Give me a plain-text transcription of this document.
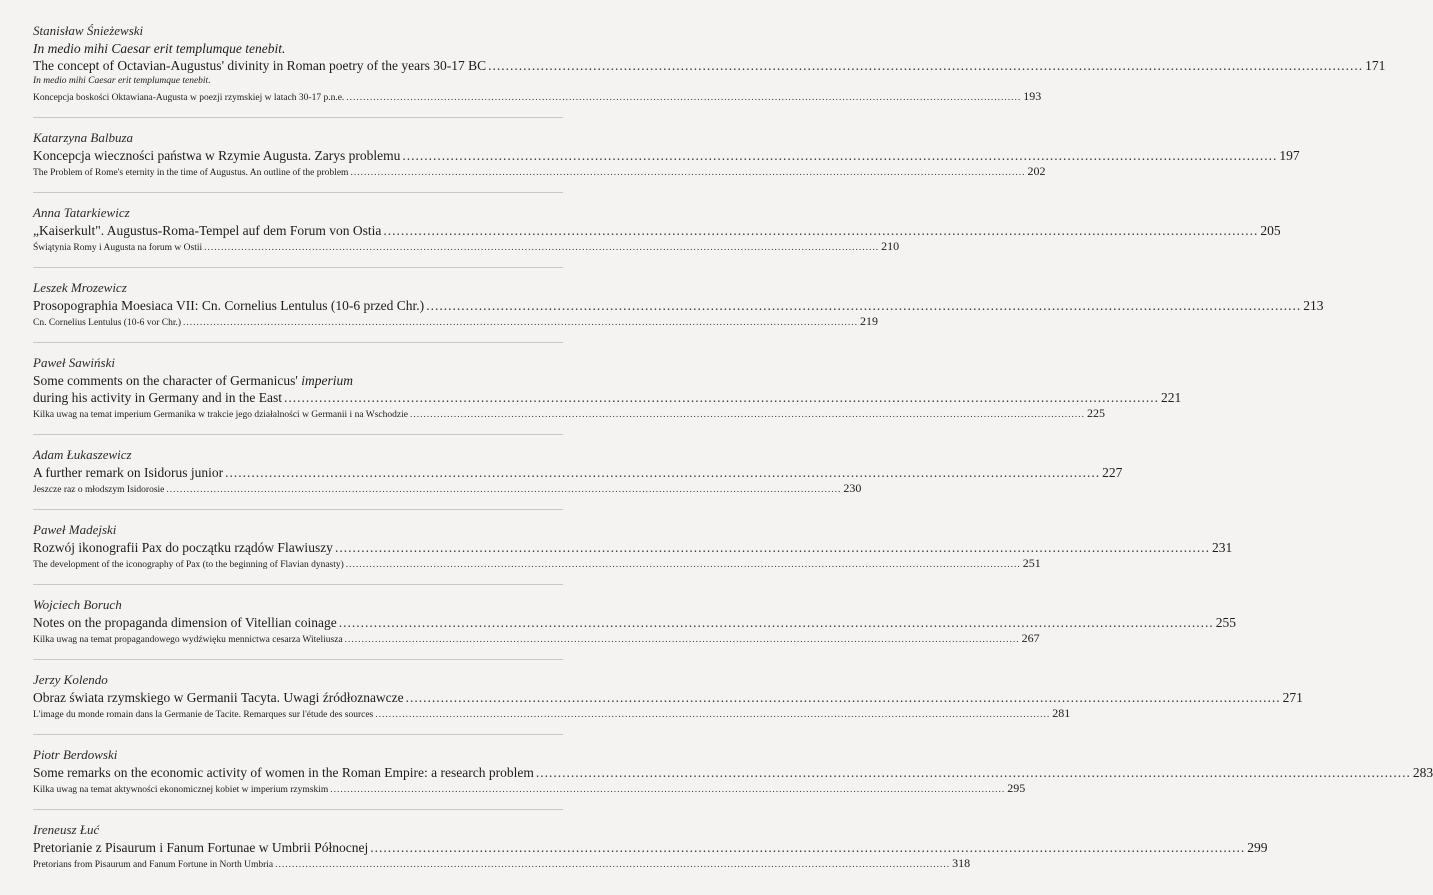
Stanisław Śnieżewski
In medio mihi Caesar erit templumque tenebit.
The concept of Octavian-Augustus' divinity in Roman poetry of the years 30-17 BC .....	171
In medio mihi Caesar erit templumque tenebit.
Koncepcja boskości Oktawiana-Augusta w poezji rzymskiej w latach 30-17 p.n.e. .....	193
Katarzyna Balbuza
Koncepcja wieczności państwa w Rzymie Augusta. Zarys problemu .....	197
The Problem of Rome's eternity in the time of Augustus. An outline of the problem .....	202
Anna Tatarkiewicz
„Kaiserkult". Augustus-Roma-Tempel auf dem Forum von Ostia .....	205
Świątynia Romy i Augusta na forum w Ostii .....	210
Leszek Mrozewicz
Prosopographia Moesiaca VII: Cn. Cornelius Lentulus (10-6 przed Chr.) .....	213
Cn. Cornelius Lentulus (10-6 vor Chr.) .....	219
Paweł Sawiński
Some comments on the character of Germanicus' imperium
during his activity in Germany and in the East .....	221
Kilka uwag na temat imperium Germanika w trakcie jego działalności w Germanii i na Wschodzie .....	225
Adam Łukaszewicz
A further remark on Isidorus junior .....	227
Jeszcze raz o młodszym Isidorosie .....	230
Paweł Madejski
Rozwój ikonografii Pax do początku rządów Flawiuszy .....	231
The development of the iconography of Pax (to the beginning of Flavian dynasty) .....	251
Wojciech Boruch
Notes on the propaganda dimension of Vitellian coinage .....	255
Kilka uwag na temat propagandowego wydźwięku mennictwa cesarza Witeliusza .....	267
Jerzy Kolendo
Obraz świata rzymskiego w Germanii Tacyta. Uwagi źródłoznawcze .....	271
L'image du monde romain dans la Germanie de Tacite. Remarques sur l'étude des sources .....	281
Piotr Berdowski
Some remarks on the economic activity of women in the Roman Empire: a research problem .....	283
Kilka uwag na temat aktywności ekonomicznej kobiet w imperium rzymskim .....	295
Ireneusz Łuć
Pretorianie z Pisaurum i Fanum Fortunae w Umbrii Północnej .....	299
Pretorians from Pisaurum and Fanum Fortune in North Umbria .....	318
